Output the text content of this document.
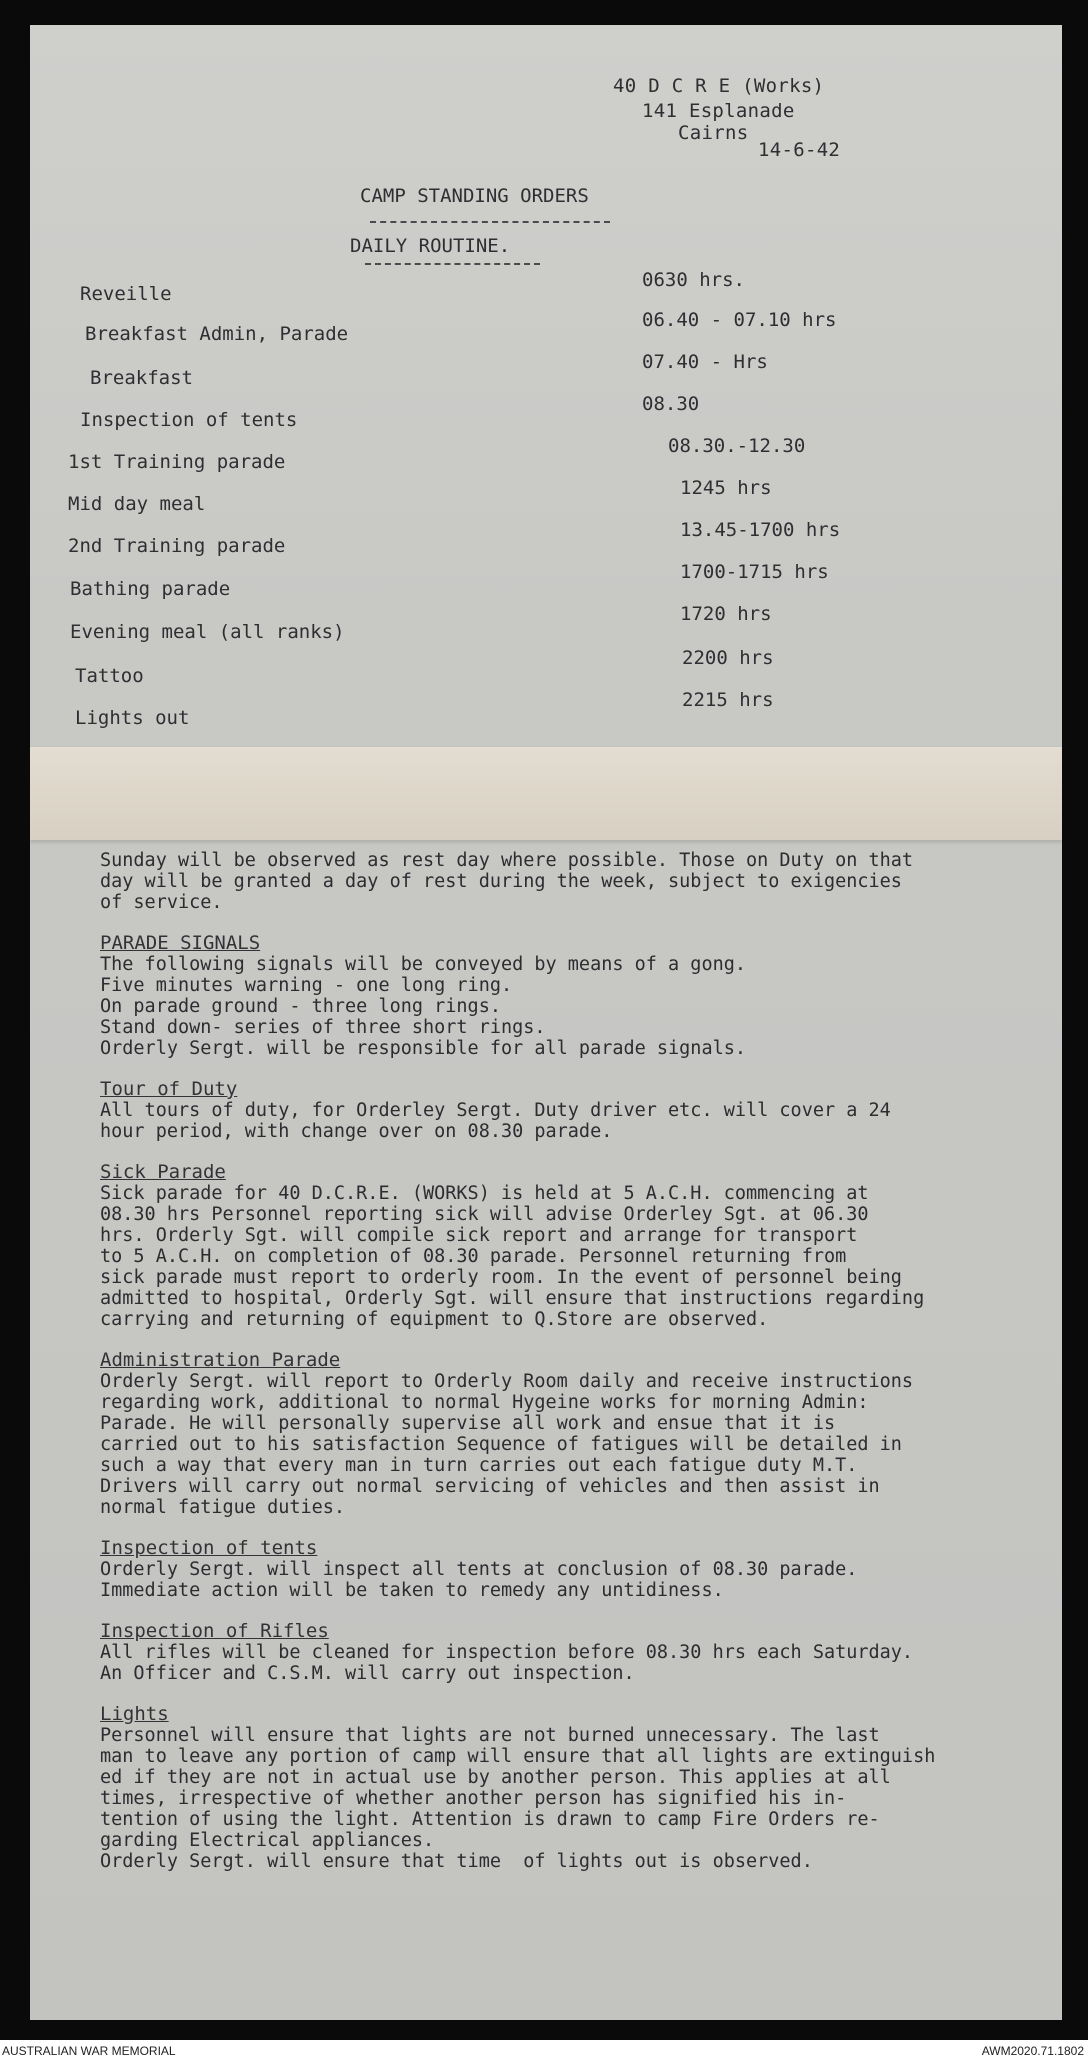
40 D C R E (Works)
141 Esplanade
Cairns
14-6-42
CAMP STANDING ORDERS
DAILY ROUTINE.
Reveille
0630 hrs.
Breakfast Admin, Parade
06.40 - 07.10 hrs
Breakfast
07.40 - Hrs
Inspection of tents
08.30
1st Training parade
08.30.-12.30
Mid day meal
1245 hrs
2nd Training parade
13.45-1700 hrs
Bathing parade
1700-1715 hrs
Evening meal (all ranks)
1720 hrs
Tattoo
2200 hrs
Lights out
2215 hrs
Sunday will be observed as rest day where possible. Those on Duty on that
day will be granted a day of rest during the week, subject to exigencies
of service.
PARADE SIGNALS
The following signals will be conveyed by means of a gong.
Five minutes warning - one long ring.
On parade ground - three long rings.
Stand down- series of three short rings.
Orderly Sergt. will be responsible for all parade signals.
Tour of Duty
All tours of duty, for Orderley Sergt. Duty driver etc. will cover a 24
hour period, with change over on 08.30 parade.
Sick Parade
Sick parade for 40 D.C.R.E. (WORKS) is held at 5 A.C.H. commencing at
08.30 hrs Personnel reporting sick will advise Orderley Sgt. at 06.30
hrs. Orderly Sgt. will compile sick report and arrange for transport
to 5 A.C.H. on completion of 08.30 parade. Personnel returning from
sick parade must report to orderly room. In the event of personnel being
admitted to hospital, Orderly Sgt. will ensure that instructions regarding
carrying and returning of equipment to Q.Store are observed.
Administration Parade
Orderly Sergt. will report to Orderly Room daily and receive instructions
regarding work, additional to normal Hygeine works for morning Admin:
Parade. He will personally supervise all work and ensue that it is
carried out to his satisfaction Sequence of fatigues will be detailed in
such a way that every man in turn carries out each fatigue duty M.T.
Drivers will carry out normal servicing of vehicles and then assist in
normal fatigue duties.
Inspection of tents
Orderly Sergt. will inspect all tents at conclusion of 08.30 parade.
Immediate action will be taken to remedy any untidiness.
Inspection of Rifles
All rifles will be cleaned for inspection before 08.30 hrs each Saturday.
An Officer and C.S.M. will carry out inspection.
Lights
Personnel will ensure that lights are not burned unnecessary. The last
man to leave any portion of camp will ensure that all lights are extinguish
ed if they are not in actual use by another person. This applies at all
times, irrespective of whether another person has signified his in-
tention of using the light. Attention is drawn to camp Fire Orders re-
garding Electrical appliances.
Orderly Sergt. will ensure that time  of lights out is observed.
AUSTRALIAN WAR MEMORIAL	AWM2020.71.1802
